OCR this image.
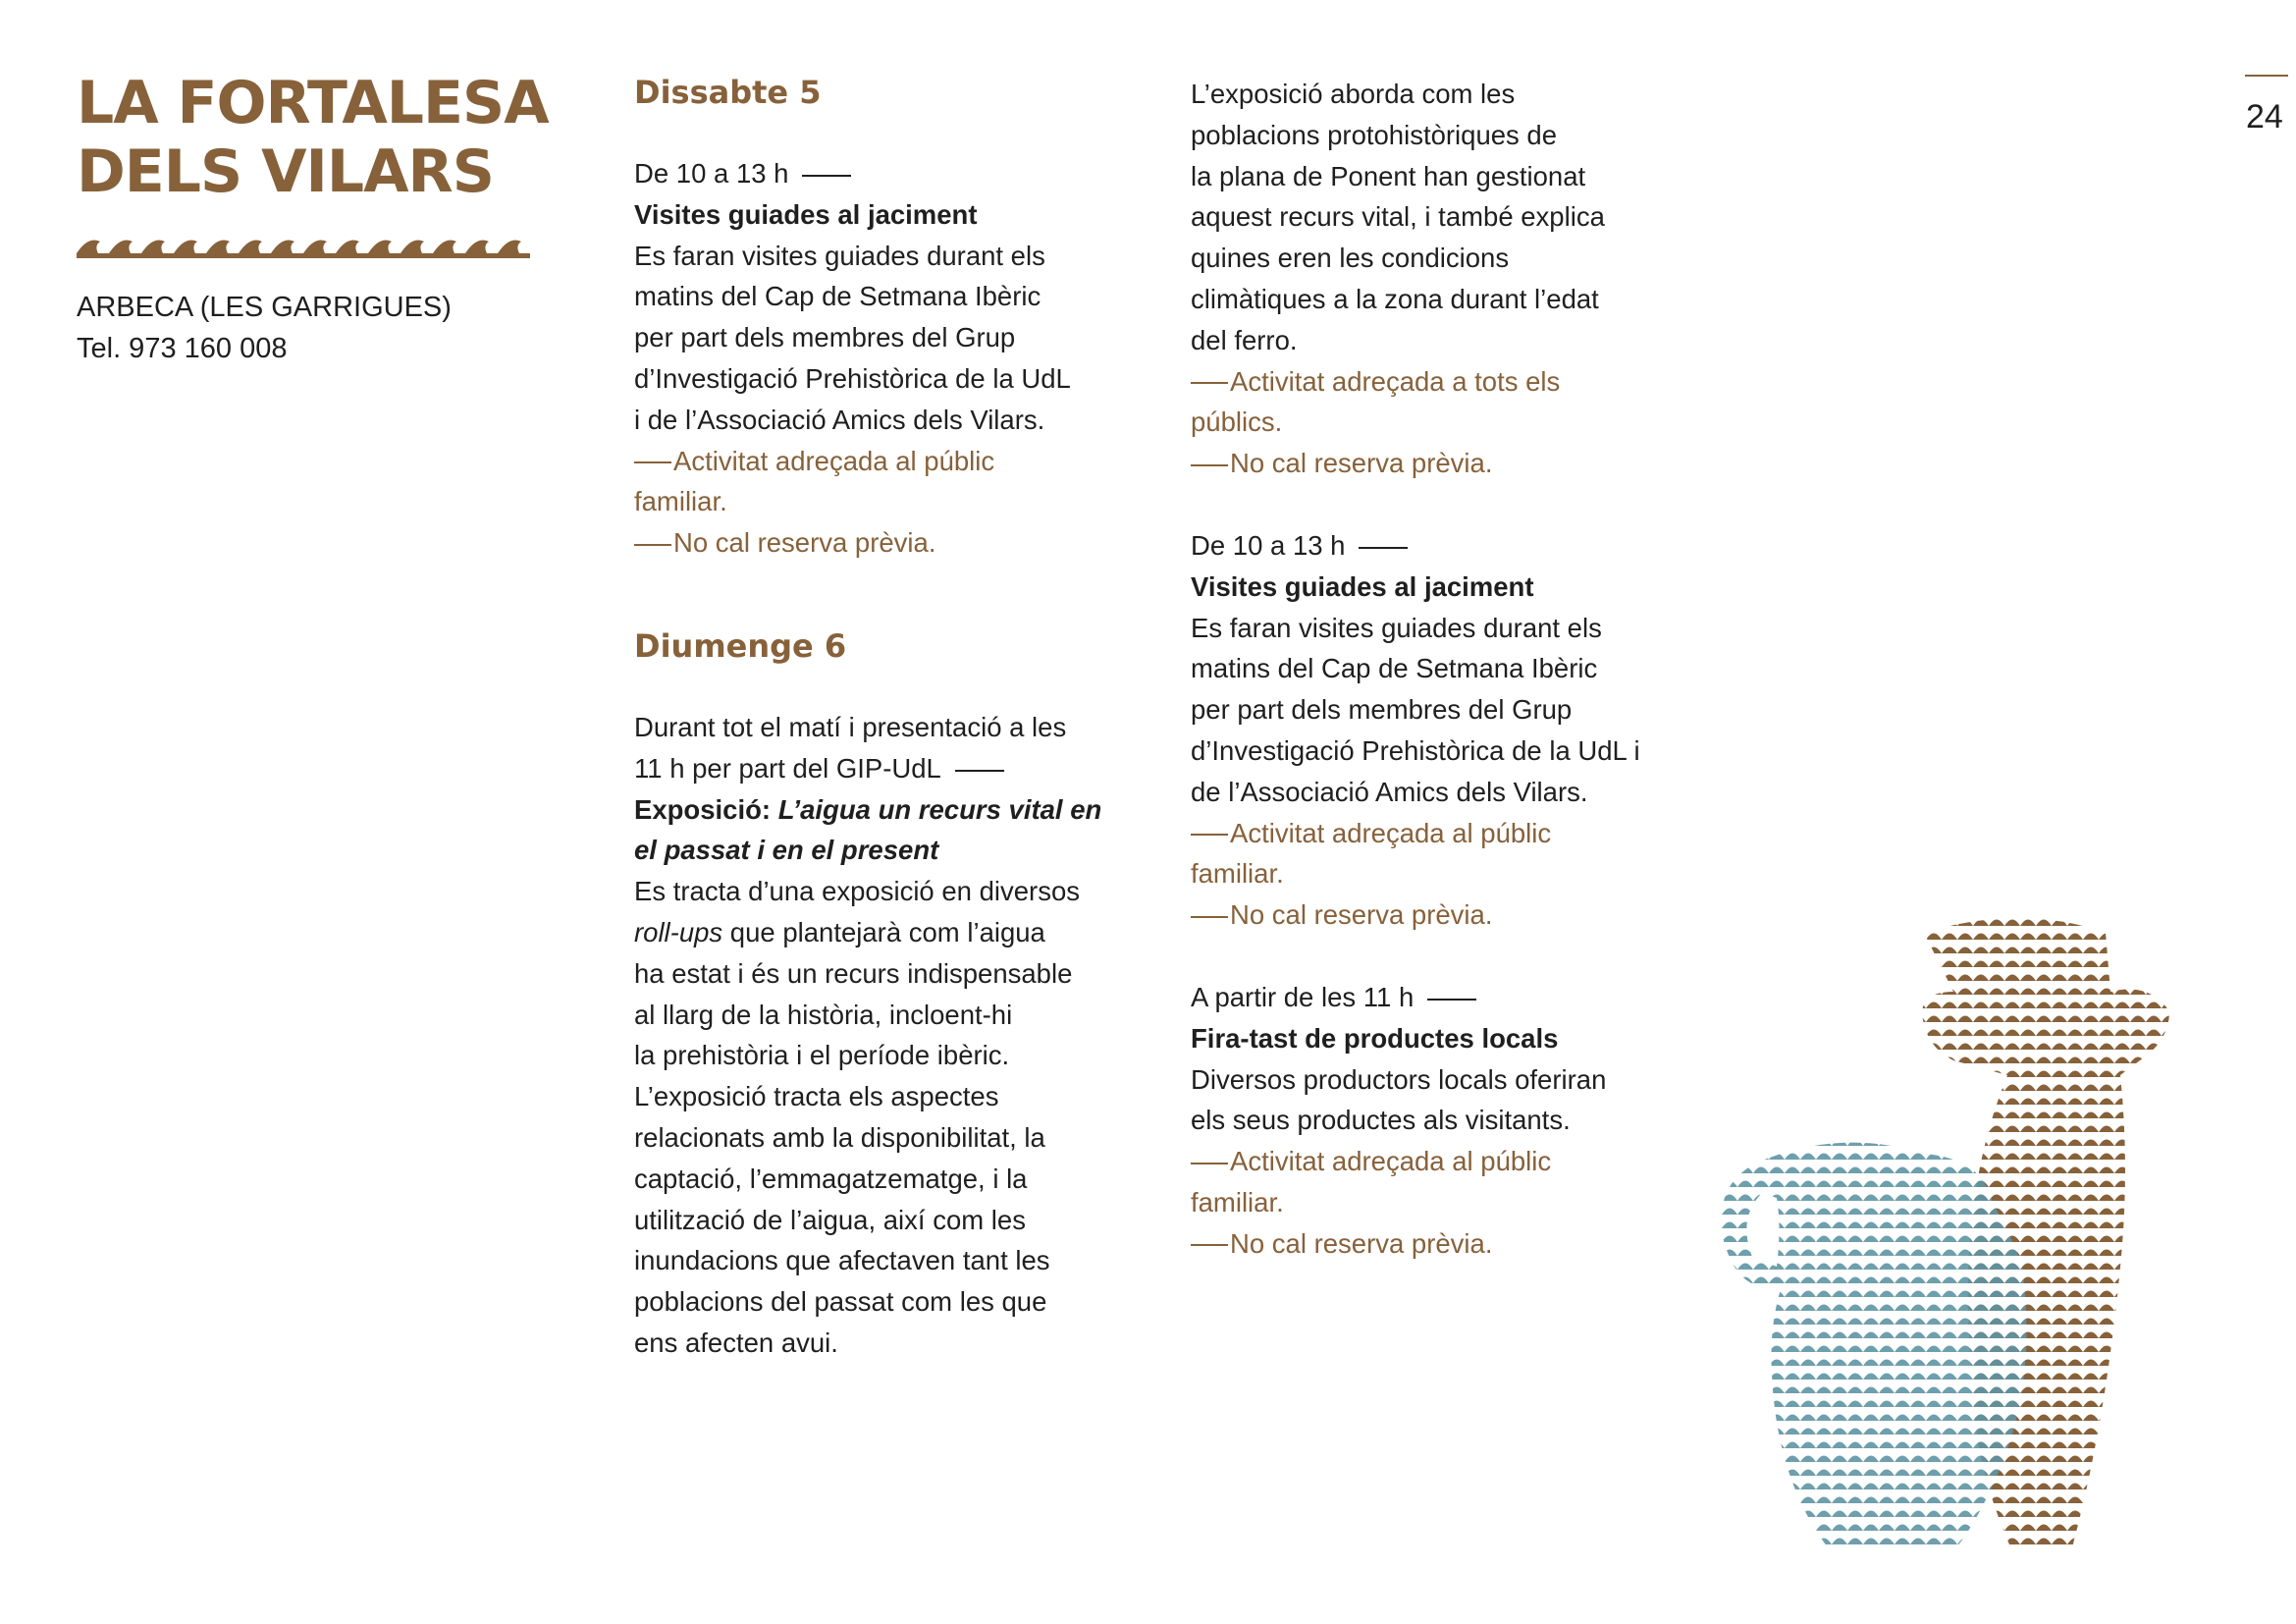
LA FORTALESA
DELS VILARS
ARBECA (LES GARRIGUES)
Tel. 973 160 008
24

Dissabte 5

De 10 a 13 h
Visites guiades al jaciment
Es faran visites guiades durant els
matins del Cap de Setmana Ibèric
per part dels membres del Grup
d’Investigació Prehistòrica de la UdL
i de l’Associació Amics dels Vilars.
Activitat adreçada al públic
familiar.
No cal reserva prèvia.

Diumenge 6

Durant tot el matí i presentació a les
11 h per part del GIP-UdL
Exposició: L’aigua un recurs vital en
el passat i en el present
Es tracta d’una exposició en diversos
roll-ups que plantejarà com l’aigua
ha estat i és un recurs indispensable
al llarg de la història, incloent-hi
la prehistòria i el període ibèric.
L’exposició tracta els aspectes
relacionats amb la disponibilitat, la
captació, l’emmagatzematge, i la
utilització de l’aigua, així com les
inundacions que afectaven tant les
poblacions del passat com les que
ens afecten avui.
L’exposició aborda com les
poblacions protohistòriques de
la plana de Ponent han gestionat
aquest recurs vital, i també explica
quines eren les condicions
climàtiques a la zona durant l’edat
del ferro.
Activitat adreçada a tots els
públics.
No cal reserva prèvia.
De 10 a 13 h
Visites guiades al jaciment
Es faran visites guiades durant els
matins del Cap de Setmana Ibèric
per part dels membres del Grup
d’Investigació Prehistòrica de la UdL i
de l’Associació Amics dels Vilars.
Activitat adreçada al públic
familiar.
No cal reserva prèvia.
A partir de les 11 h
Fira-tast de productes locals
Diversos productors locals oferiran
els seus productes als visitants.
Activitat adreçada al públic
familiar.
No cal reserva prèvia.
